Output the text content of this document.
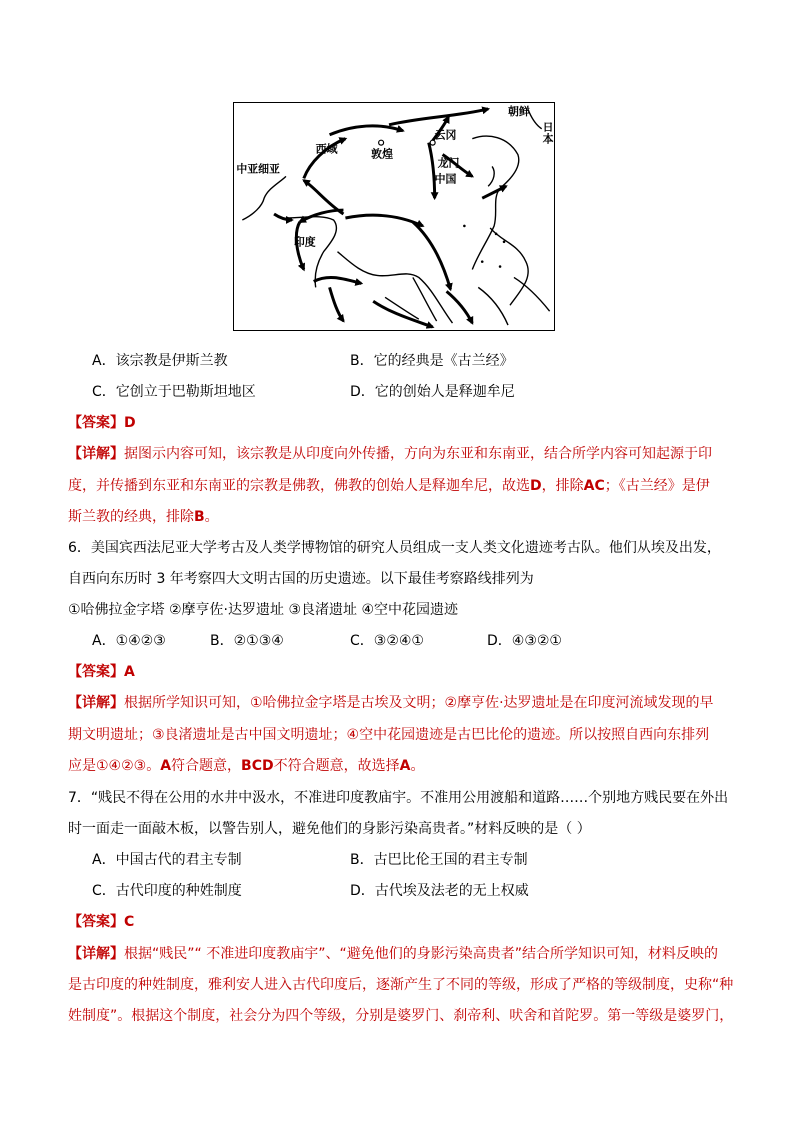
朝鲜
日
本
西域
云冈
敦煌
龙门
中国
中亚细亚
印度
A．该宗教是伊斯兰教	B．它的经典是《古兰经》
C．它创立于巴勒斯坦地区	D．它的创始人是释迦牟尼
【答案】D
【详解】据图示内容可知，该宗教是从印度向外传播，方向为东亚和东南亚，结合所学内容可知起源于印
度，并传播到东亚和东南亚的宗教是佛教，佛教的创始人是释迦牟尼，故选D，排除AC；《古兰经》是伊
斯兰教的经典，排除B。
6．美国宾西法尼亚大学考古及人类学博物馆的研究人员组成一支人类文化遗迹考古队。他们从埃及出发，
自西向东历时 3 年考察四大文明古国的历史遗迹。以下最佳考察路线排列为
①哈佛拉金字塔 ②摩亨佐·达罗遗址 ③良渚遗址 ④空中花园遗迹
A．①④②③	B．②①③④	C．③②④①	D．④③②①
【答案】A
【详解】根据所学知识可知，①哈佛拉金字塔是古埃及文明；②摩亨佐·达罗遗址是在印度河流域发现的早
期文明遗址；③良渚遗址是古中国文明遗址；④空中花园遗迹是古巴比伦的遗迹。所以按照自西向东排列
应是①④②③。A符合题意，BCD不符合题意，故选择A。
7．“贱民不得在公用的水井中汲水，不准进印度教庙宇。不准用公用渡船和道路……个别地方贱民要在外出
时一面走一面敲木板，以警告别人，避免他们的身影污染高贵者。”材料反映的是（ ）
A．中国古代的君主专制	B．古巴比伦王国的君主专制
C．古代印度的种姓制度	D．古代埃及法老的无上权威
【答案】C
【详解】根据“贱民”“ 不准进印度教庙宇”、“避免他们的身影污染高贵者”结合所学知识可知，材料反映的
是古印度的种姓制度，雅利安人进入古代印度后，逐渐产生了不同的等级，形成了严格的等级制度，史称“种
姓制度”。根据这个制度，社会分为四个等级，分别是婆罗门、刹帝利、吠舍和首陀罗。第一等级是婆罗门，
